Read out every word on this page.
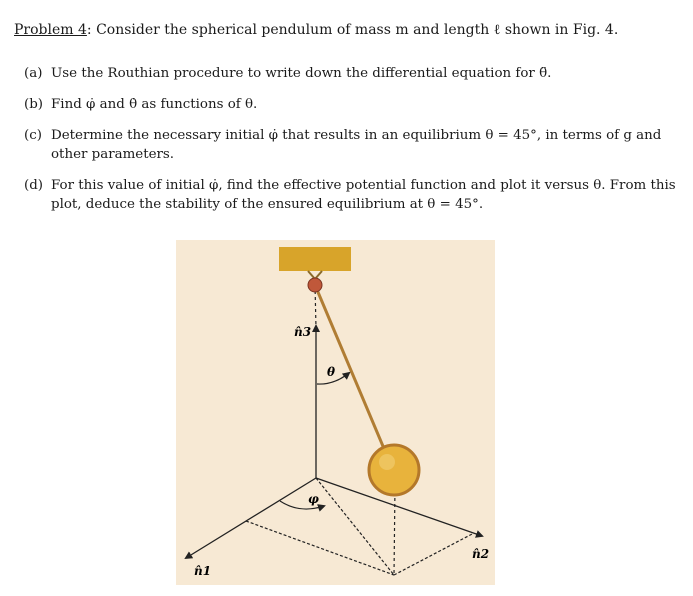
Problem 4: Consider the spherical pendulum of mass m and length ℓ shown in Fig. 4.
(a) Use the Routhian procedure to write down the differential equation for θ̈.
(b) Find φ̇ and θ̇ as functions of θ.
(c) Determine the necessary initial φ̇ that results in an equilibrium θ = 45°, in terms of g and
other parameters.
(d) For this value of initial φ̇, find the effective potential function and plot it versus θ. From this
plot, deduce the stability of the ensured equilibrium at θ = 45°.
n̂3
θ
φ
n̂1
n̂2
